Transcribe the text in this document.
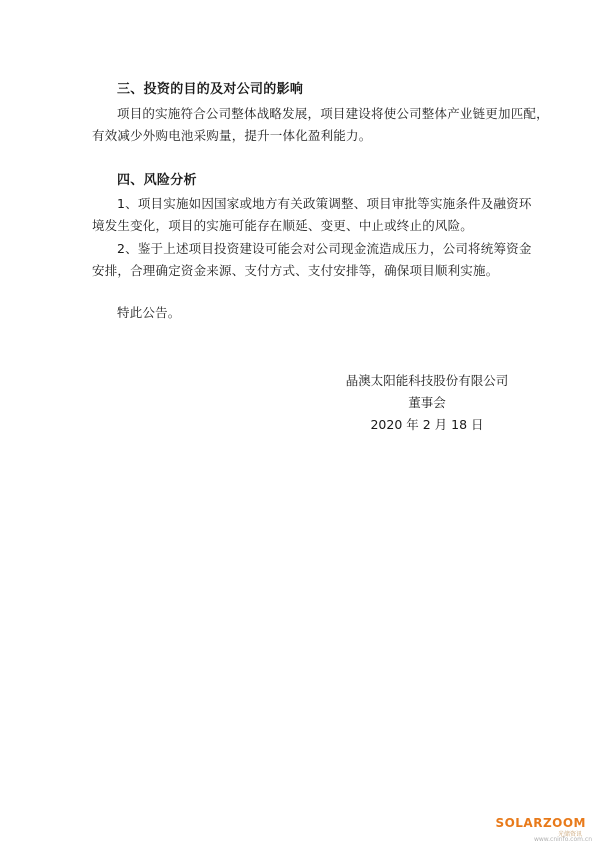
三、投资的目的及对公司的影响
项目的实施符合公司整体战略发展，项目建设将使公司整体产业链更加匹配，
有效减少外购电池采购量，提升一体化盈利能力。
四、风险分析
1、项目实施如因国家或地方有关政策调整、项目审批等实施条件及融资环
境发生变化，项目的实施可能存在顺延、变更、中止或终止的风险。
2、鉴于上述项目投资建设可能会对公司现金流造成压力，公司将统筹资金
安排，合理确定资金来源、支付方式、支付安排等，确保项目顺利实施。
特此公告。
晶澳太阳能科技股份有限公司
董事会
2020 年 2 月 18 日
SOLARZOOM
光储资讯
www.cninfo.com.cn
